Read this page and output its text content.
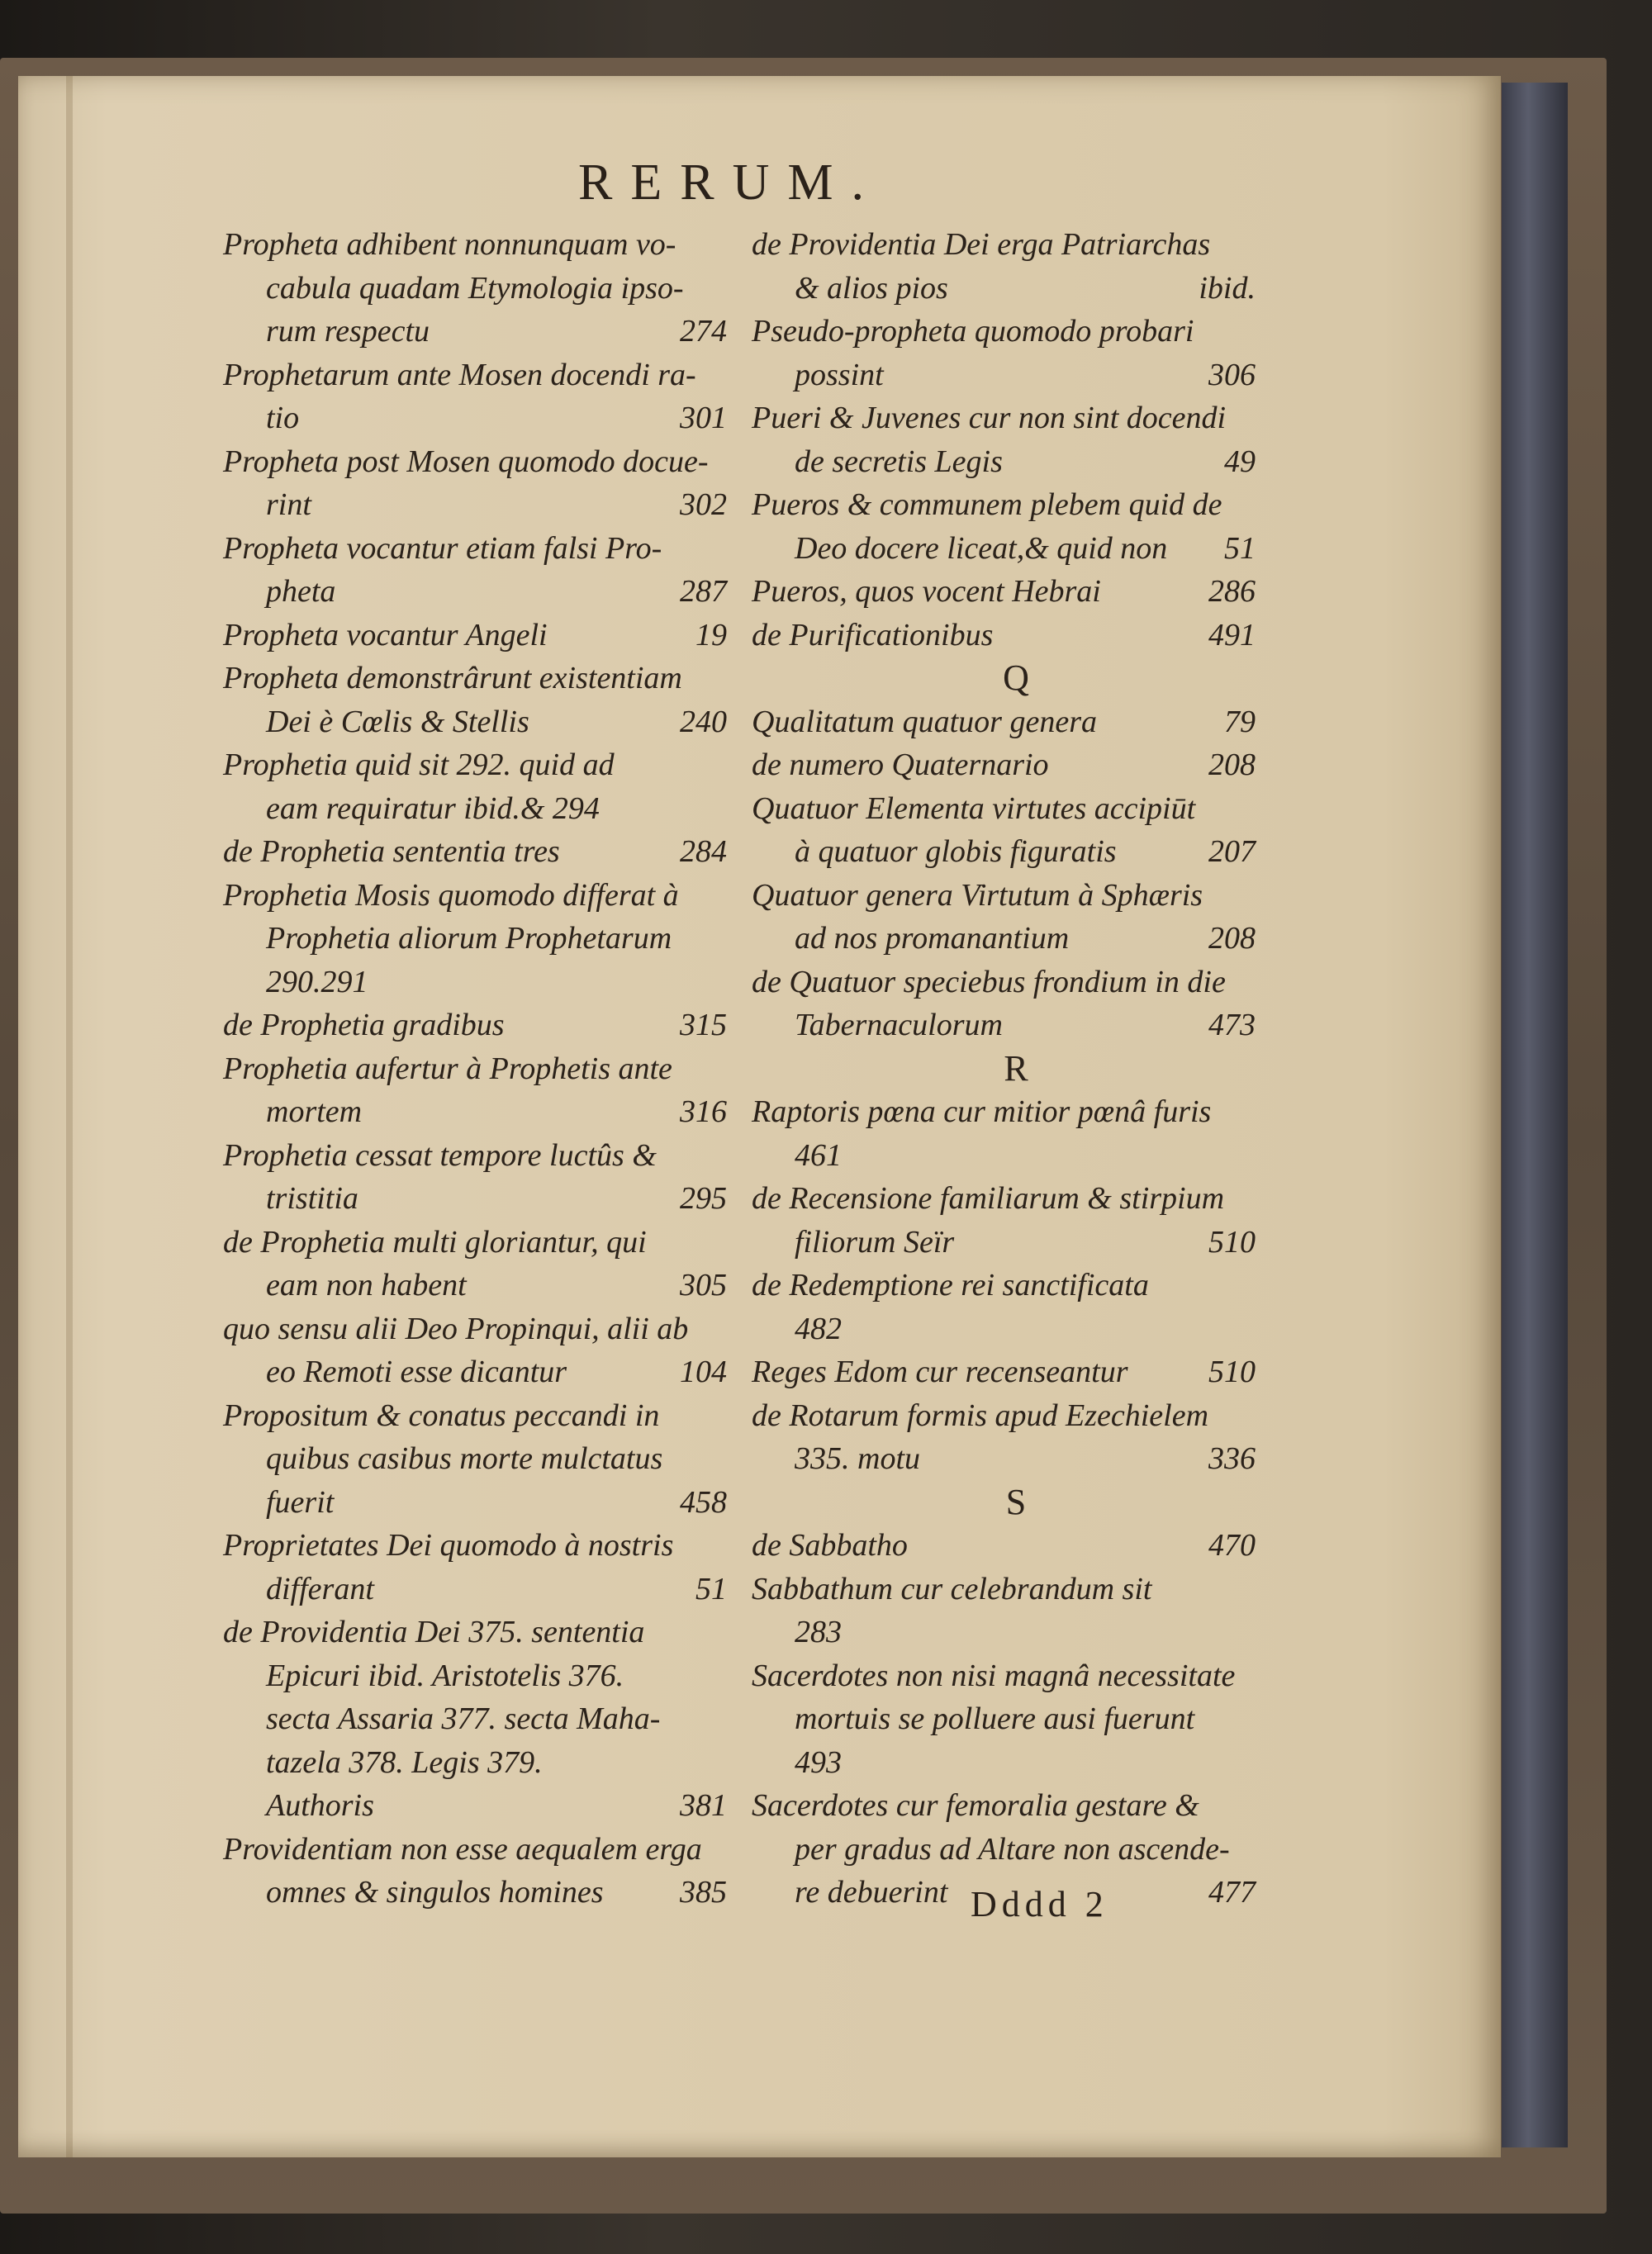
RERUM.
Propheta adhibent nonnunquam vo-
cabula quadam Etymologia ipso-
rum respectu	274
Prophetarum ante Mosen docendi ra-
tio	301
Propheta post Mosen quomodo docue-
rint	302
Propheta vocantur etiam falsi Pro-
pheta	287
Propheta vocantur Angeli	19
Propheta demonstrârunt existentiam
Dei è Cœlis & Stellis	240
Prophetia quid sit 292. quid ad
eam requiratur ibid.& 294
de Prophetia sententia tres	284
Prophetia Mosis quomodo differat à
Prophetia aliorum Prophetarum
290.291
de Prophetia gradibus	315
Prophetia aufertur à Prophetis ante
mortem	316
Prophetia cessat tempore luctûs &
tristitia	295
de Prophetia multi gloriantur, qui
eam non habent	305
quo sensu alii Deo Propinqui, alii ab
eo Remoti esse dicantur	104
Propositum & conatus peccandi in
quibus casibus morte mulctatus
fuerit	458
Proprietates Dei quomodo à nostris
differant	51
de Providentia Dei 375. sententia
Epicuri ibid. Aristotelis 376.
secta Assaria 377. secta Maha-
tazela 378. Legis 379.
Authoris	381
Providentiam non esse aequalem erga
omnes & singulos homines 385
de Providentia Dei erga Patriarchas
& alios pios	ibid.
Pseudo-propheta quomodo probari
possint	306
Pueri & Juvenes cur non sint docendi
de secretis Legis	49
Pueros & communem plebem quid de
Deo docere liceat,& quid non 51
Pueros, quos vocent Hebrai	286
de Purificationibus	491
Q
Qualitatum quatuor genera	79
de numero Quaternario	208
Quatuor Elementa virtutes accipiūt
à quatuor globis figuratis	207
Quatuor genera Virtutum à Sphæris
ad nos promanantium	208
de Quatuor speciebus frondium in die
Tabernaculorum	473
R
Raptoris pœna cur mitior pœnâ furis
461
de Recensione familiarum & stirpium
filiorum Seïr	510
de Redemptione rei sanctificata
482
Reges Edom cur recenseantur	510
de Rotarum formis apud Ezechielem
335. motu	336
S
de Sabbatho	470
Sabbathum cur celebrandum sit
283
Sacerdotes non nisi magnâ necessitate
mortuis se polluere ausi fuerunt
493
Sacerdotes cur femoralia gestare &
per gradus ad Altare non ascende-
re debuerint	477
Dddd 2
